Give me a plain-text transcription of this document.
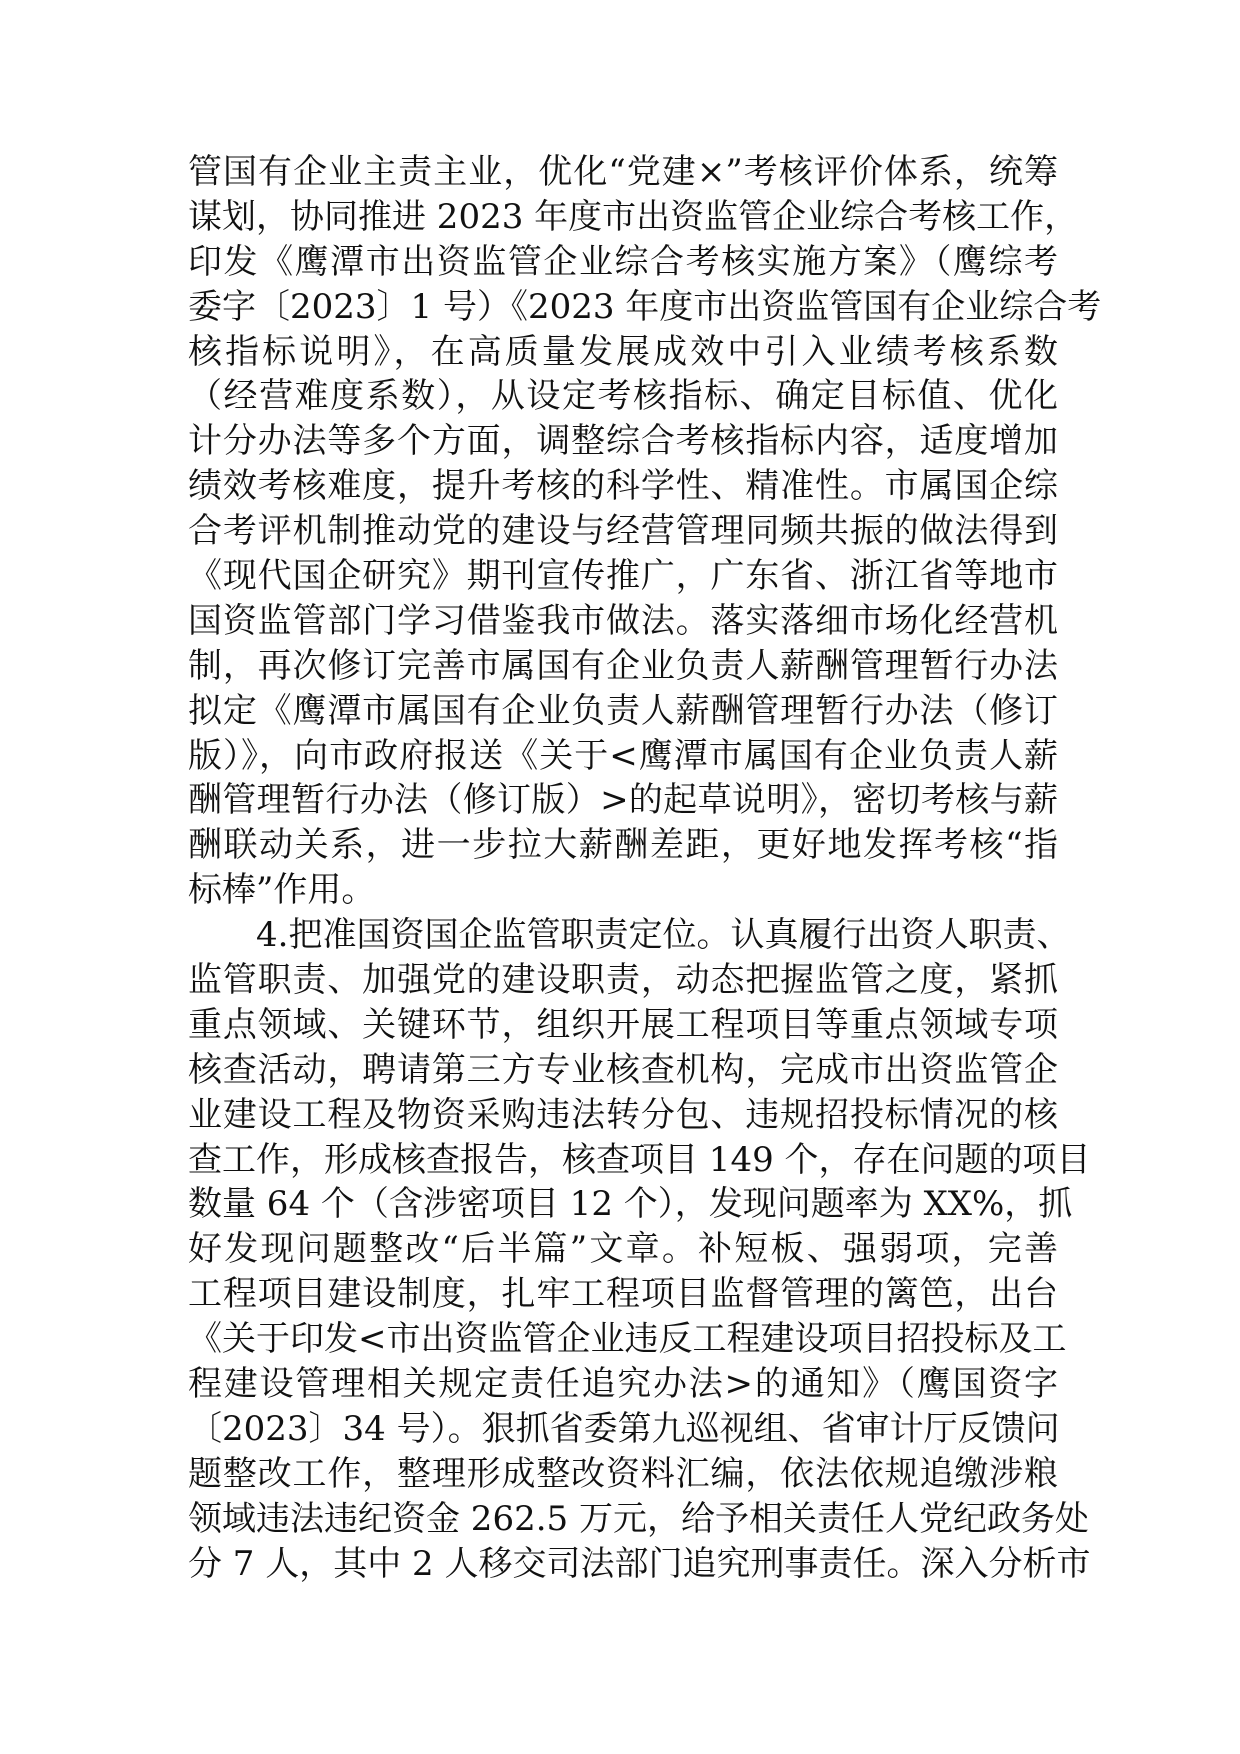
管国有企业主责主业，优化“党建×”考核评价体系，统筹
谋划，协同推进 2023 年度市出资监管企业综合考核工作，
印发《鹰潭市出资监管企业综合考核实施方案》（鹰综考
委字〔2023〕1 号）《2023 年度市出资监管国有企业综合考
核指标说明》，在高质量发展成效中引入业绩考核系数
（经营难度系数），从设定考核指标、确定目标值、优化
计分办法等多个方面，调整综合考核指标内容，适度增加
绩效考核难度，提升考核的科学性、精准性。市属国企综
合考评机制推动党的建设与经营管理同频共振的做法得到
《现代国企研究》期刊宣传推广，广东省、浙江省等地市
国资监管部门学习借鉴我市做法。落实落细市场化经营机
制，再次修订完善市属国有企业负责人薪酬管理暂行办法
拟定《鹰潭市属国有企业负责人薪酬管理暂行办法（修订
版）》，向市政府报送《关于<鹰潭市属国有企业负责人薪
酬管理暂行办法（修订版）>的起草说明》，密切考核与薪
酬联动关系，进一步拉大薪酬差距，更好地发挥考核“指
标棒”作用。
4.把准国资国企监管职责定位。认真履行出资人职责、
监管职责、加强党的建设职责，动态把握监管之度，紧抓
重点领域、关键环节，组织开展工程项目等重点领域专项
核查活动，聘请第三方专业核查机构，完成市出资监管企
业建设工程及物资采购违法转分包、违规招投标情况的核
查工作，形成核查报告，核查项目 149 个，存在问题的项目
数量 64 个（含涉密项目 12 个），发现问题率为 XX%，抓
好发现问题整改“后半篇”文章。补短板、强弱项，完善
工程项目建设制度，扎牢工程项目监督管理的篱笆，出台
《关于印发<市出资监管企业违反工程建设项目招投标及工
程建设管理相关规定责任追究办法>的通知》（鹰国资字
〔2023〕34 号）。狠抓省委第九巡视组、省审计厅反馈问
题整改工作，整理形成整改资料汇编，依法依规追缴涉粮
领域违法违纪资金 262.5 万元，给予相关责任人党纪政务处
分 7 人，其中 2 人移交司法部门追究刑事责任。深入分析市
